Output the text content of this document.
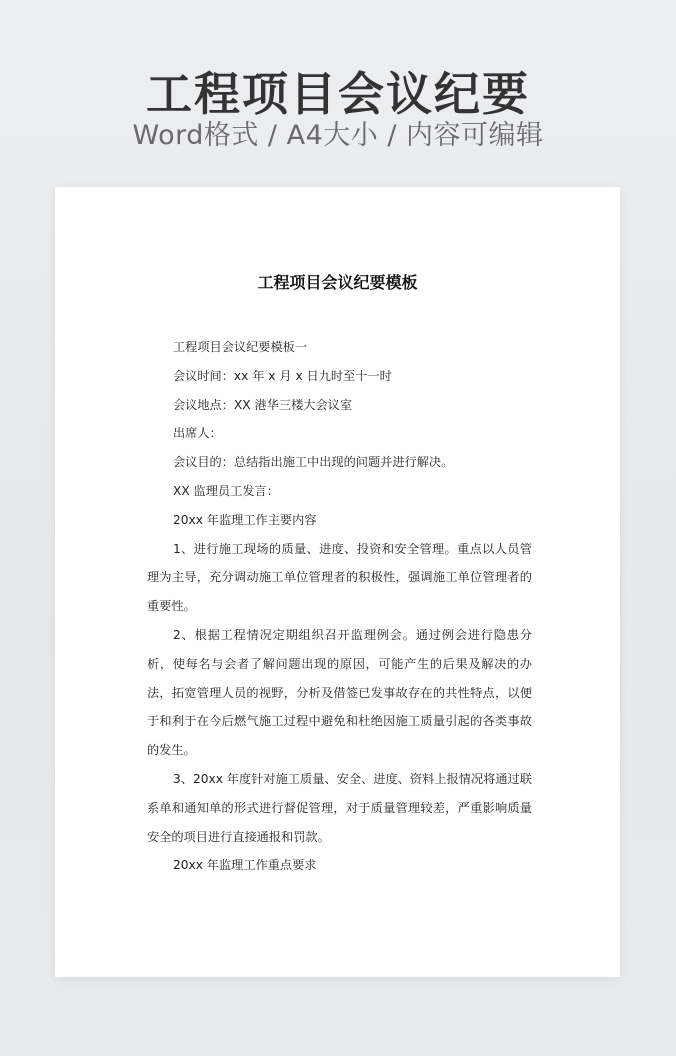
工程项目会议纪要
Word格式 / A4大小 / 内容可编辑
工程项目会议纪要模板

工程项目会议纪要模板一

会议时间：xx 年 x 月 x 日九时至十一时

会议地点：XX 港华三楼大会议室

出席人：

会议目的：总结指出施工中出现的问题并进行解决。

XX 监理员工发言：

20xx 年监理工作主要内容

1、进行施工现场的质量、进度、投资和安全管理。重点以人员管理为主导，充分调动施工单位管理者的积极性，强调施工单位管理者的重要性。

2、根据工程情况定期组织召开监理例会。通过例会进行隐患分析，使每名与会者了解问题出现的原因，可能产生的后果及解决的办法，拓宽管理人员的视野，分析及借签已发事故存在的共性特点，以便于和利于在今后燃气施工过程中避免和杜绝因施工质量引起的各类事故的发生。

3、20xx 年度针对施工质量、安全、进度、资料上报情况将通过联系单和通知单的形式进行督促管理，对于质量管理较差，严重影响质量安全的项目进行直接通报和罚款。

20xx 年监理工作重点要求
